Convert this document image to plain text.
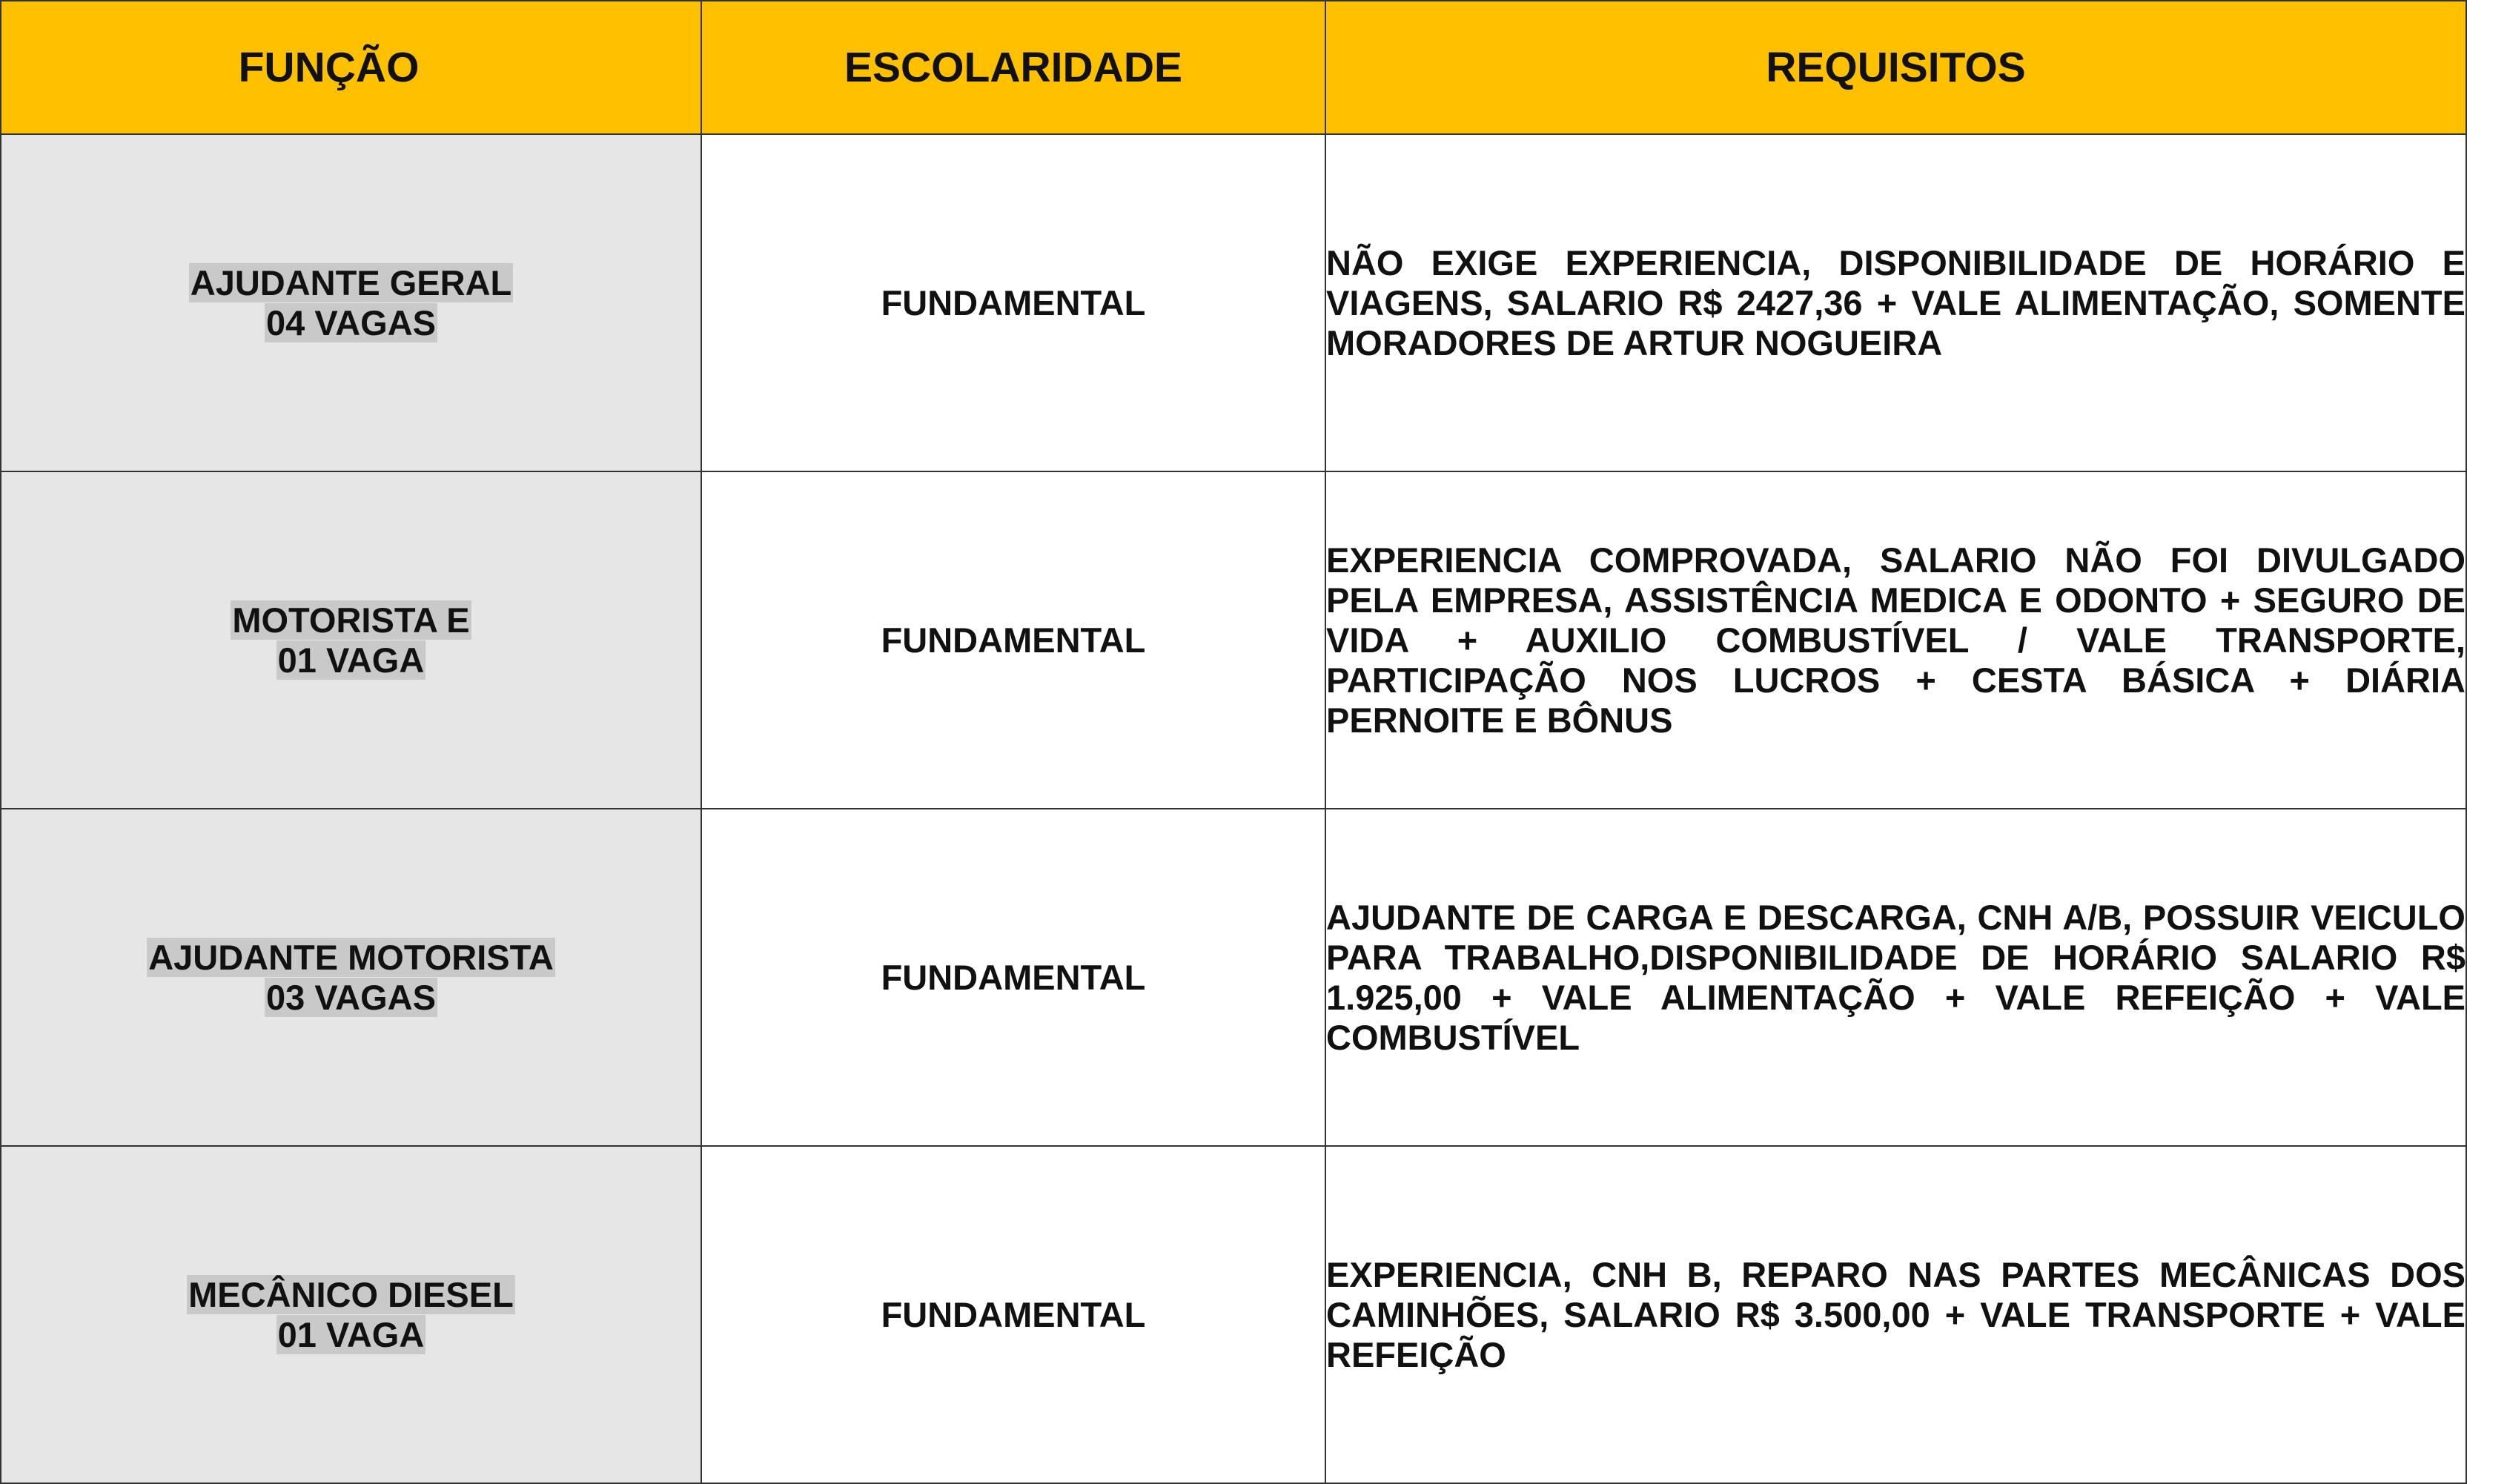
FUNÇÃO	ESCOLARIDADE	REQUISITOS
AJUDANTE GERAL
04 VAGAS	FUNDAMENTAL	NÃO EXIGE EXPERIENCIA, DISPONIBILIDADE DE HORÁRIO E VIAGENS, SALARIO R$ 2427,36 + VALE ALIMENTAÇÃO, SOMENTE MORADORES DE ARTUR NOGUEIRA

MOTORISTA E
01 VAGA	FUNDAMENTAL	EXPERIENCIA COMPROVADA, SALARIO NÃO FOI DIVULGADO PELA EMPRESA, ASSISTÊNCIA MEDICA E ODONTO + SEGURO DE VIDA + AUXILIO COMBUSTÍVEL / VALE TRANSPORTE, PARTICIPAÇÃO NOS LUCROS + CESTA BÁSICA + DIÁRIA PERNOITE E BÔNUS

AJUDANTE MOTORISTA
03 VAGAS	FUNDAMENTAL	AJUDANTE DE CARGA E DESCARGA, CNH A/B, POSSUIR VEICULO PARA TRABALHO,DISPONIBILIDADE DE HORÁRIO SALARIO R$ 1.925,00 + VALE ALIMENTAÇÃO + VALE REFEIÇÃO + VALE COMBUSTÍVEL

MECÂNICO DIESEL
01 VAGA	FUNDAMENTAL	EXPERIENCIA, CNH B, REPARO NAS PARTES MECÂNICAS DOS CAMINHÕES, SALARIO R$ 3.500,00 + VALE TRANSPORTE + VALE REFEIÇÃO
